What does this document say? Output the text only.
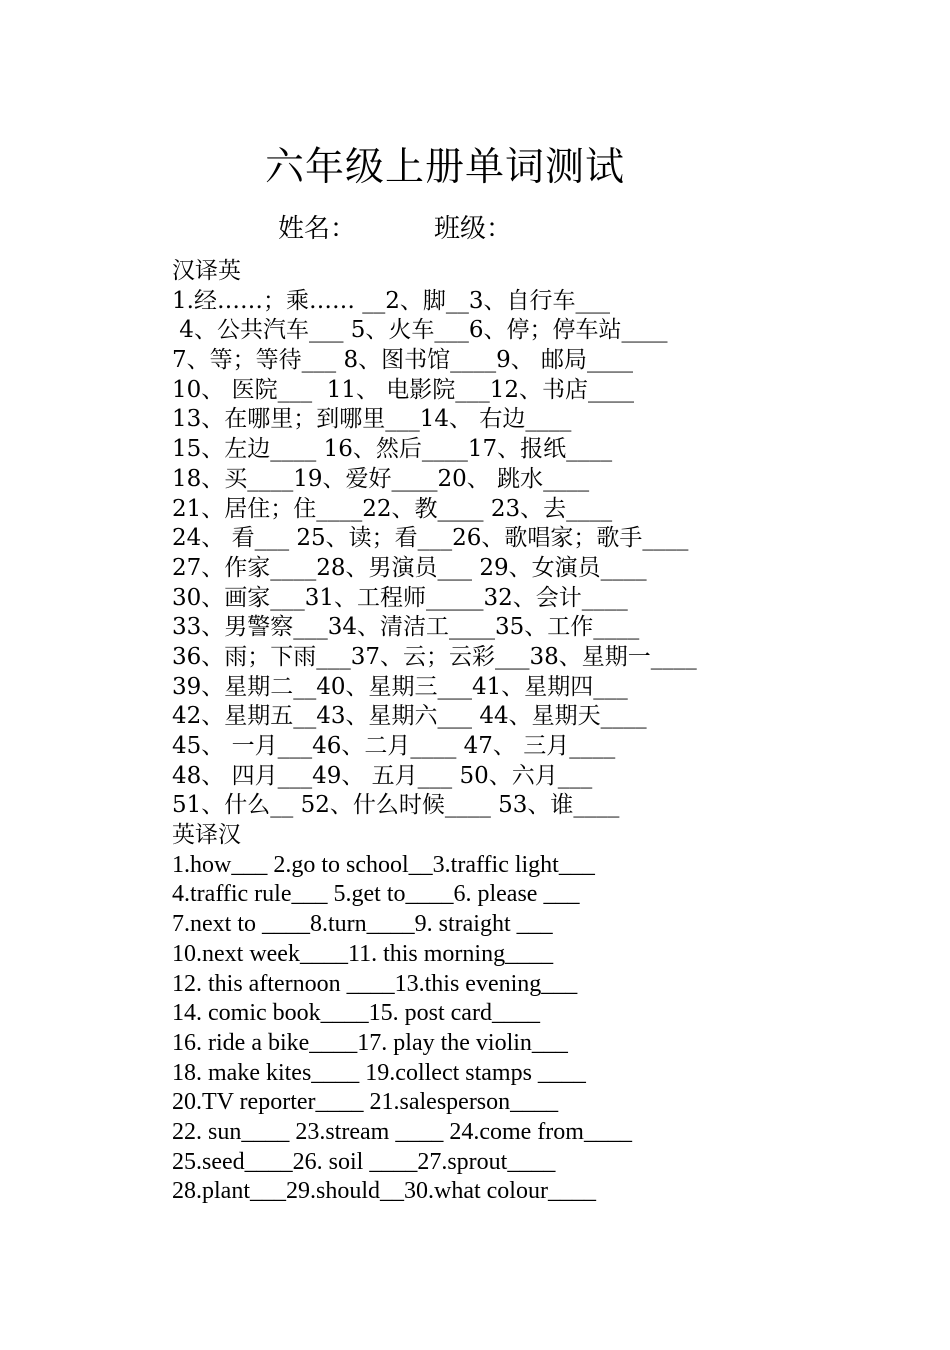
六年级上册单词测试
姓名：	班级：
汉译英
1.经……；乘…… __2、脚__3、自行车___
4、公共汽车___ 5、火车___6、停；停车站____
7、等；等待___ 8、图书馆____9、 邮局____
10、 医院___  11、 电影院___12、书店____
13、在哪里；到哪里___14、 右边____
15、左边____ 16、然后____17、报纸____
18、买____19、爱好____20、 跳水____
21、居住；住____22、教____ 23、去____
24、 看___ 25、读；看___26、歌唱家；歌手____
27、作家____28、男演员___ 29、女演员____
30、画家___31、工程师_____32、会计____
33、男警察___34、清洁工____35、工作____
36、雨；下雨___37、云；云彩___38、星期一____
39、星期二__40、星期三___41、星期四___
42、星期五__43、星期六___ 44、星期天____
45、 一月___46、二月____ 47、 三月____
48、 四月___49、 五月___ 50、六月___
51、什么__ 52、什么时候____ 53、谁____
英译汉
1.how___ 2.go to school__3.traffic light___
4.traffic rule___ 5.get to____6. please ___
7.next to ____8.turn____9. straight ___
10.next week____11. this morning____
12. this afternoon ____13.this evening___
14. comic book____15. post card____
16. ride a bike____17. play the violin___
18. make kites____ 19.collect stamps ____
20.TV reporter____ 21.salesperson____
22. sun____ 23.stream ____ 24.come from____
25.seed____26. soil ____27.sprout____
28.plant___29.should__30.what colour____
